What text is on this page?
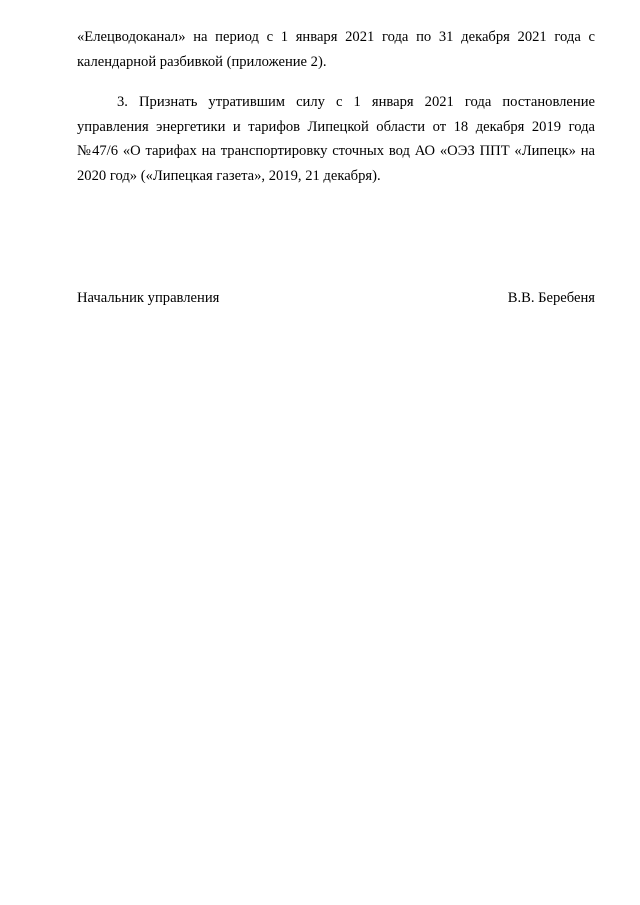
«Елецводоканал» на период с 1 января 2021 года по 31 декабря 2021 года с календарной разбивкой (приложение 2).
3. Признать утратившим силу с 1 января 2021 года постановление управления энергетики и тарифов Липецкой области от 18 декабря 2019 года №47/6 «О тарифах на транспортировку сточных вод АО «ОЭЗ ППТ «Липецк» на 2020 год» («Липецкая газета», 2019, 21 декабря).
Начальник управления	В.В. Беребеня
